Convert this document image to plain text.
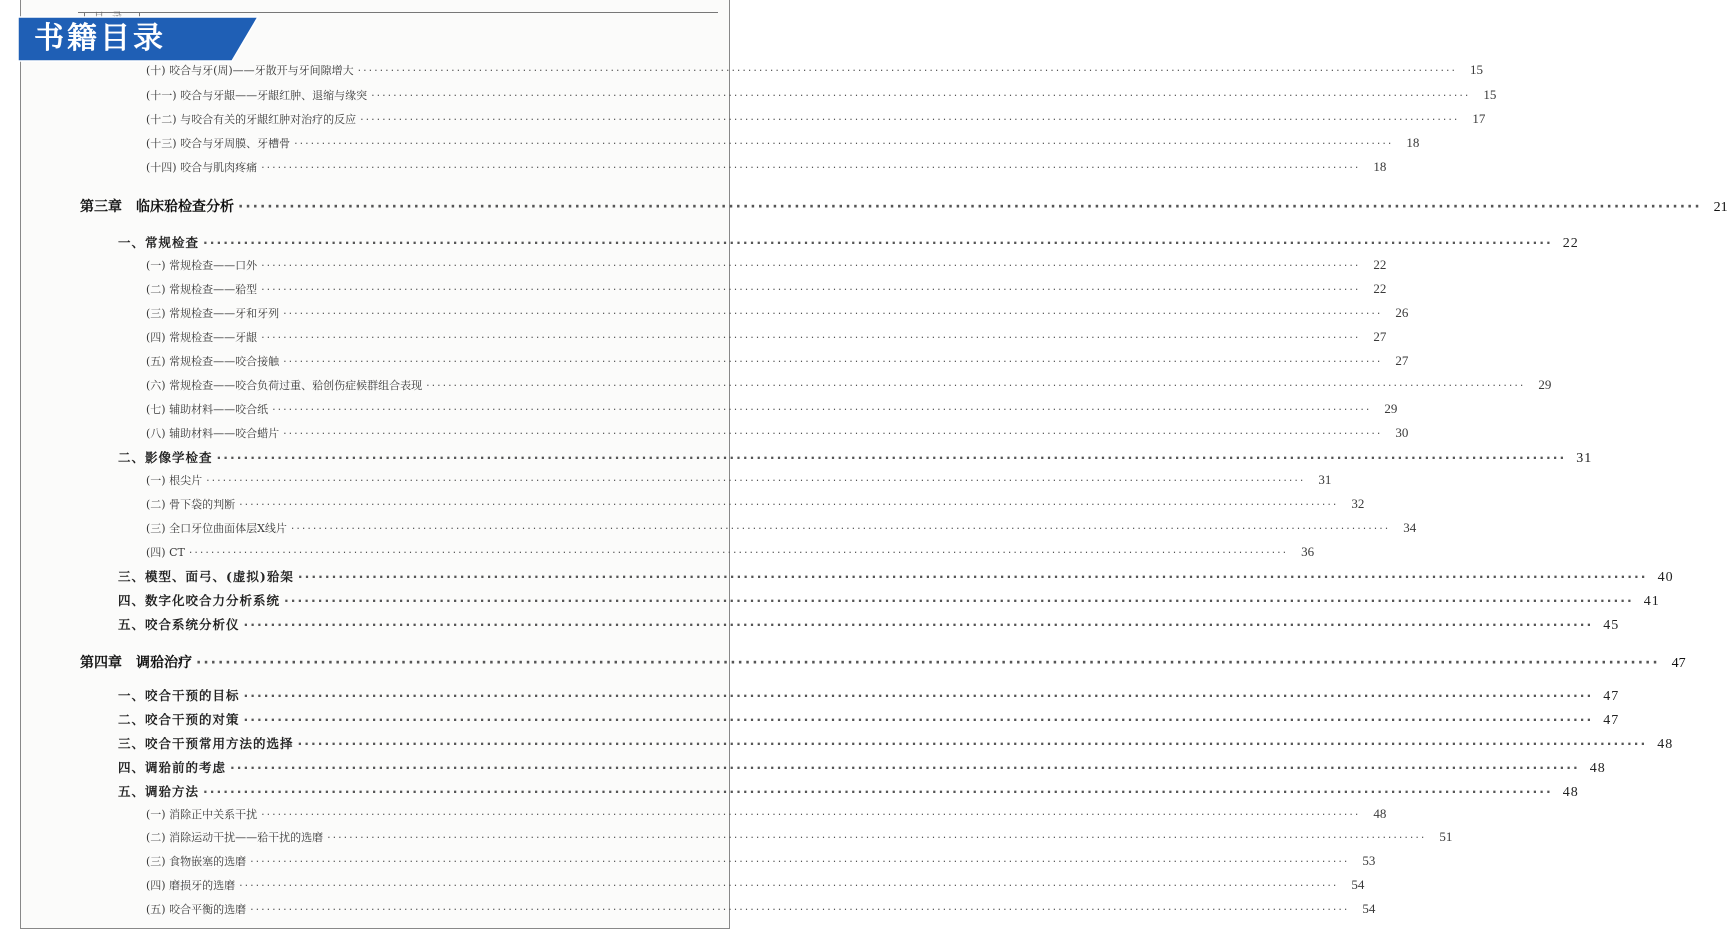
(十) 咬合与牙(周)——牙散开与牙间隙增大 ········································································································································································································	15
(十一) 咬合与牙龈——牙龈红肿、退缩与缘突 ········································································································································································································	15
(十二) 与咬合有关的牙龈红肿对治疗的反应 ········································································································································································································	17
(十三) 咬合与牙周膜、牙槽骨 ········································································································································································································	18
(十四) 咬合与肌肉疼痛 ········································································································································································································	18
第三章　临床𬌗检查分析 ········································································································································································································ 21
一、常规检查 ········································································································································································································ 22
(一) 常规检查——口外 ········································································································································································································	22
(二) 常规检查——𬌗型 ········································································································································································································	22
(三) 常规检查——牙和牙列 ········································································································································································································	26
(四) 常规检查——牙龈 ········································································································································································································	27
(五) 常规检查——咬合接触 ········································································································································································································	27
(六) 常规检查——咬合负荷过重、𬌗创伤症候群组合表现 ········································································································································································································	29
(七) 辅助材料——咬合纸 ········································································································································································································	29
(八) 辅助材料——咬合蜡片 ········································································································································································································	30
二、影像学检查 ········································································································································································································ 31
(一) 根尖片 ········································································································································································································	31
(二) 骨下袋的判断 ········································································································································································································	32
(三) 全口牙位曲面体层X线片 ········································································································································································································	34
(四) CT ········································································································································································································	36
三、模型、面弓、(虚拟)𬌗架 ········································································································································································································ 40
四、数字化咬合力分析系统 ········································································································································································································ 41
五、咬合系统分析仪 ········································································································································································································ 45
第四章　调𬌗治疗 ········································································································································································································ 47
一、咬合干预的目标 ········································································································································································································ 47
二、咬合干预的对策 ········································································································································································································ 47
三、咬合干预常用方法的选择 ········································································································································································································ 48
四、调𬌗前的考虑 ········································································································································································································ 48
五、调𬌗方法 ········································································································································································································ 48
(一) 消除正中关系干扰 ········································································································································································································	48
(二) 消除运动干扰——𬌗干扰的选磨 ········································································································································································································	51
(三) 食物嵌塞的选磨 ········································································································································································································	53
(四) 磨损牙的选磨 ········································································································································································································	54
(五) 咬合平衡的选磨 ········································································································································································································	54
书籍目录
